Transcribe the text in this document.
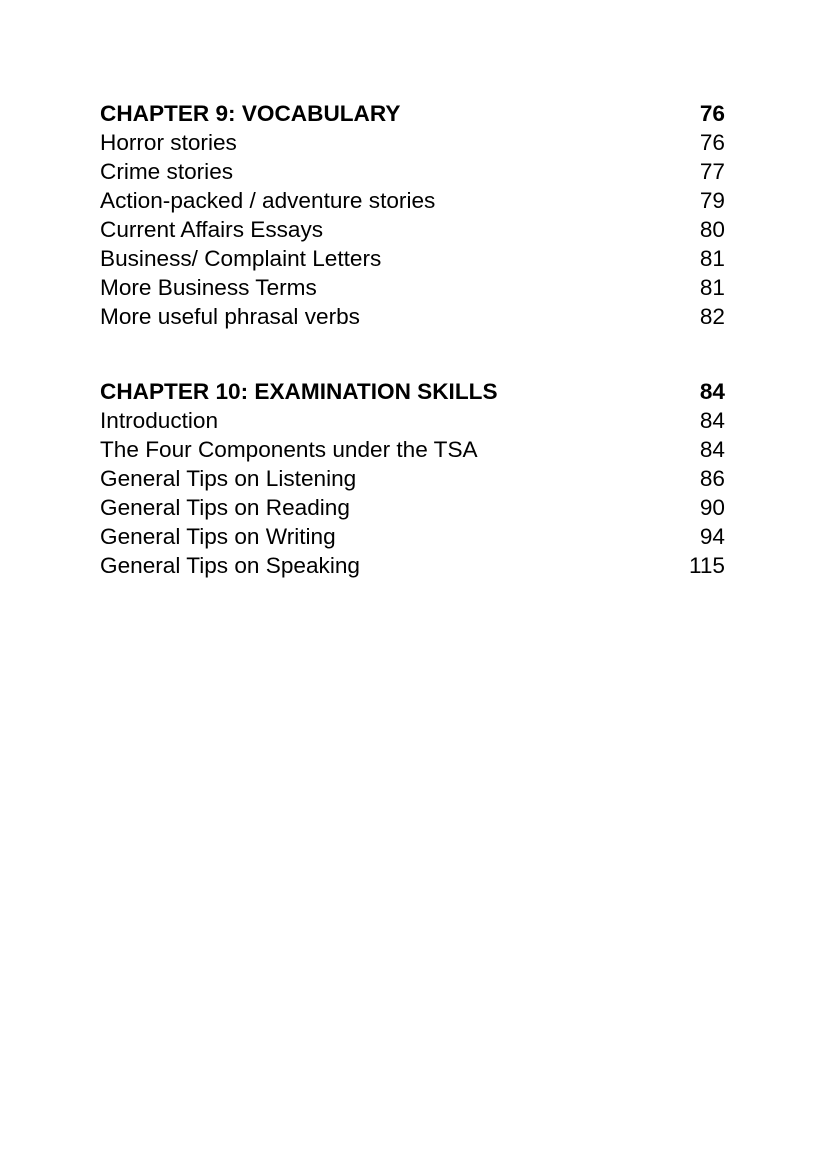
CHAPTER 9: VOCABULARY	76
Horror stories	76
Crime stories	77
Action-packed / adventure stories	79
Current Affairs Essays	80
Business/ Complaint Letters	81
More Business Terms	81
More useful phrasal verbs	82
CHAPTER 10: EXAMINATION SKILLS	84
Introduction	84
The Four Components under the TSA	84
General Tips on Listening	86
General Tips on Reading	90
General Tips on Writing	94
General Tips on Speaking	115
